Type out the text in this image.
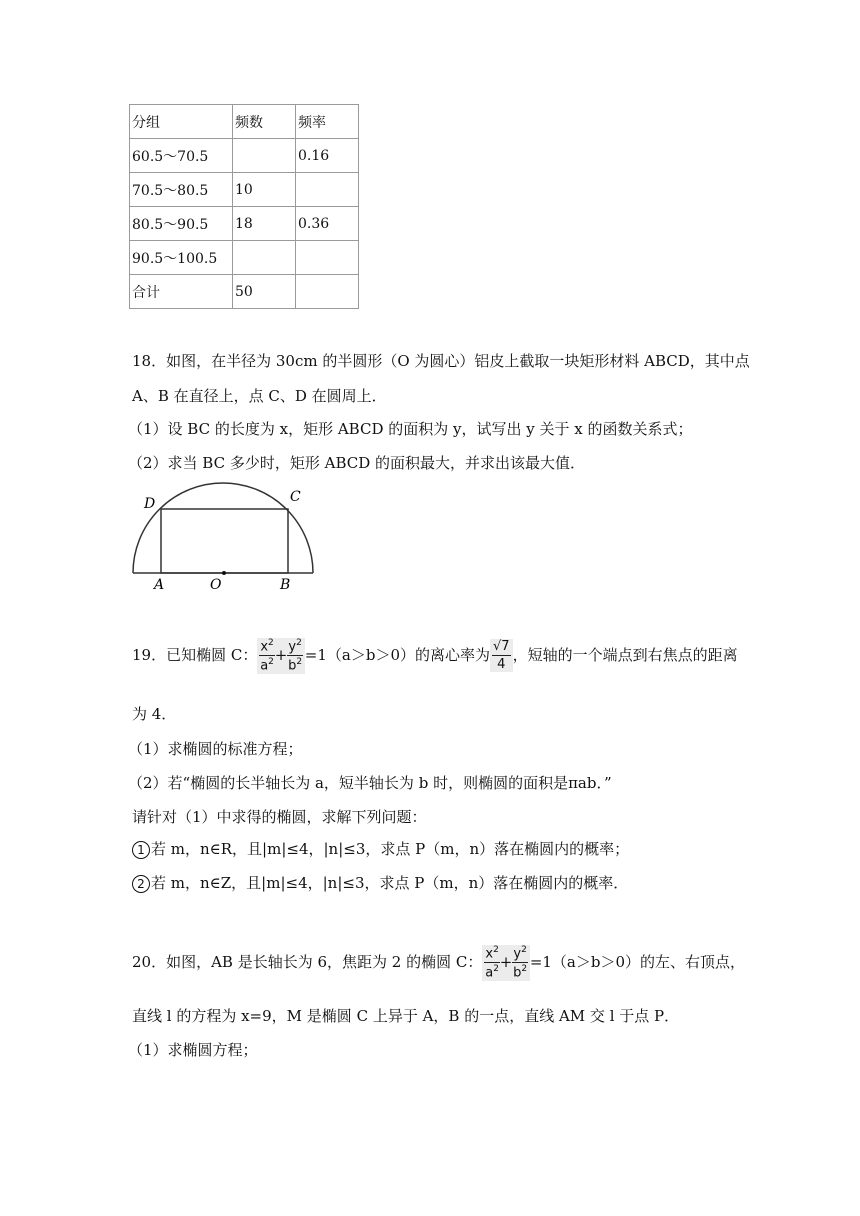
分组	频数	频率
60.5～70.5		0.16
70.5～80.5	10	
80.5～90.5	18	0.36
90.5～100.5		
合计	50	
18．如图，在半径为 30cm 的半圆形（O 为圆心）铝皮上截取一块矩形材料 ABCD，其中点
A、B 在直径上，点 C、D 在圆周上．
（1）设 BC 的长度为 x，矩形 ABCD 的面积为 y，试写出 y 关于 x 的函数关系式；
（2）求当 BC 多少时，矩形 ABCD 的面积最大，并求出该最大值．
D	C
A	O	B
19．已知椭圆 C： $\frac{x^2}{a^2} + \frac{y^2}{b^2} =1(a>b>0)$的离心率为 $\frac{√7}{4}$ ，短轴的一个端点到右焦点的距离
为 4．
（1）求椭圆的标准方程；
（2）若“椭圆的长半轴长为 a，短半轴长为 b 时，则椭圆的面积是πab．”
请针对（1）中求得的椭圆，求解下列问题：
1 若 m，n∈R，且|m|≤4，|n|≤3，求点 P（m，n）落在椭圆内的概率；
2 若 m，n∈Z，且|m|≤4，|n|≤3，求点 P（m，n）落在椭圆内的概率．
20．如图，AB 是长轴长为 6，焦距为 2 的椭圆 C： $\frac{x^2}{a^2} + \frac{y^2}{b^2} =1(a>b>0)$的左、右顶点，
直线 l 的方程为 x=9，M 是椭圆 C 上异于 A，B 的一点，直线 AM 交 l 于点 P．
（1）求椭圆方程；
